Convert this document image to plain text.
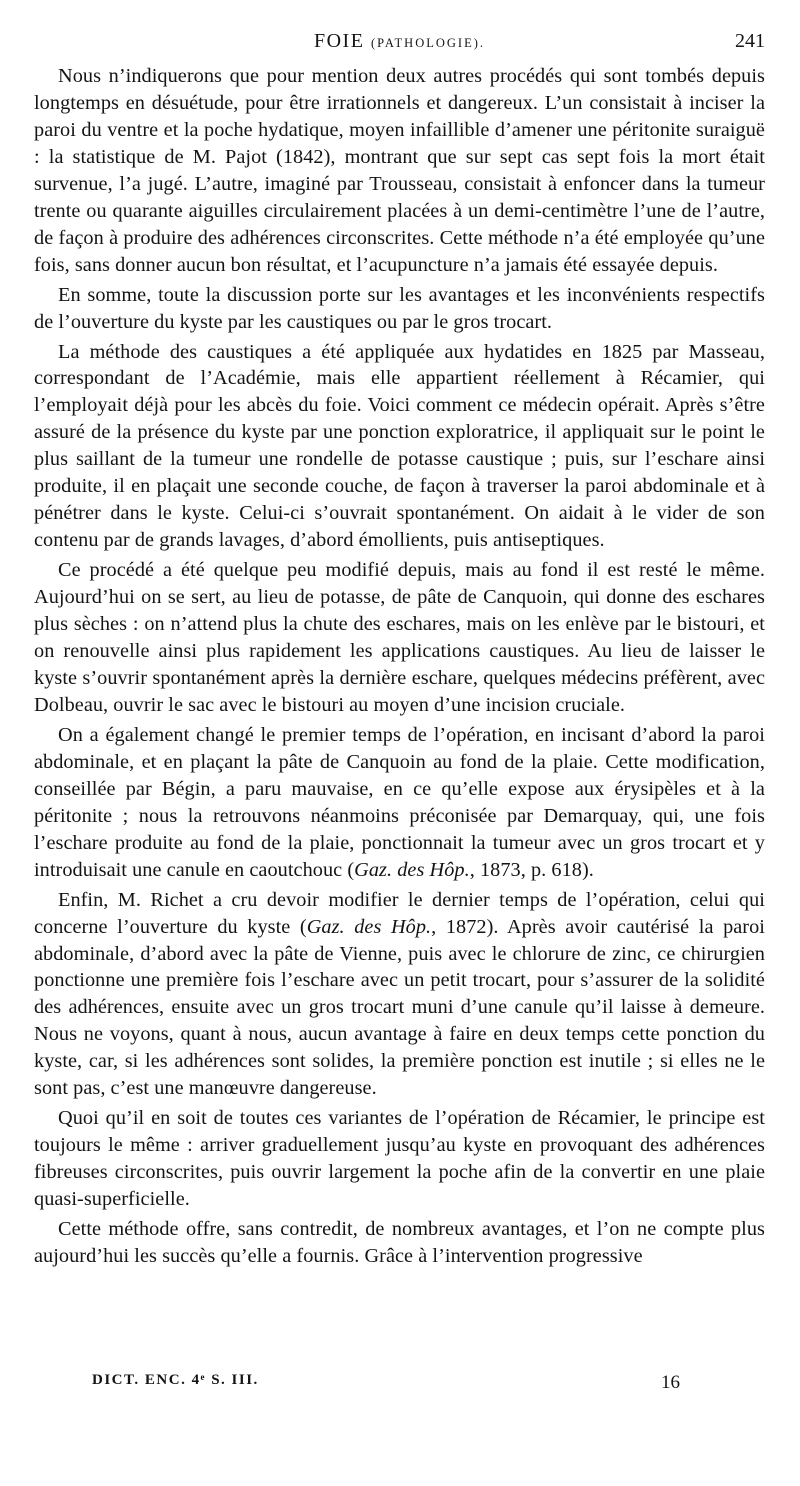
FOIE (PATHOLOGIE).	241

Nous n’indiquerons que pour mention deux autres procédés qui sont tombés depuis longtemps en désuétude, pour être irrationnels et dangereux. L’un consistait à inciser la paroi du ventre et la poche hydatique, moyen infaillible d’amener une péritonite suraiguë : la statistique de M. Pajot (1842), montrant que sur sept cas sept fois la mort était survenue, l’a jugé. L’autre, imaginé par Trousseau, consistait à enfoncer dans la tumeur trente ou quarante aiguilles circulairement placées à un demi-centimètre l’une de l’autre, de façon à produire des adhérences circonscrites. Cette méthode n’a été employée qu’une fois, sans donner aucun bon résultat, et l’acupuncture n’a jamais été essayée depuis.

En somme, toute la discussion porte sur les avantages et les inconvénients respectifs de l’ouverture du kyste par les caustiques ou par le gros trocart.

La méthode des caustiques a été appliquée aux hydatides en 1825 par Masseau, correspondant de l’Académie, mais elle appartient réellement à Récamier, qui l’employait déjà pour les abcès du foie. Voici comment ce médecin opérait. Après s’être assuré de la présence du kyste par une ponction exploratrice, il appliquait sur le point le plus saillant de la tumeur une rondelle de potasse caustique ; puis, sur l’eschare ainsi produite, il en plaçait une seconde couche, de façon à traverser la paroi abdominale et à pénétrer dans le kyste. Celui-ci s’ouvrait spontanément. On aidait à le vider de son contenu par de grands lavages, d’abord émollients, puis antiseptiques.

Ce procédé a été quelque peu modifié depuis, mais au fond il est resté le même. Aujourd’hui on se sert, au lieu de potasse, de pâte de Canquoin, qui donne des eschares plus sèches : on n’attend plus la chute des eschares, mais on les enlève par le bistouri, et on renouvelle ainsi plus rapidement les applications caustiques. Au lieu de laisser le kyste s’ouvrir spontanément après la dernière eschare, quelques médecins préfèrent, avec Dolbeau, ouvrir le sac avec le bistouri au moyen d’une incision cruciale.

On a également changé le premier temps de l’opération, en incisant d’abord la paroi abdominale, et en plaçant la pâte de Canquoin au fond de la plaie. Cette modification, conseillée par Bégin, a paru mauvaise, en ce qu’elle expose aux érysipèles et à la péritonite ; nous la retrouvons néanmoins préconisée par Demarquay, qui, une fois l’eschare produite au fond de la plaie, ponctionnait la tumeur avec un gros trocart et y introduisait une canule en caoutchouc (Gaz. des Hôp., 1873, p. 618).

Enfin, M. Richet a cru devoir modifier le dernier temps de l’opération, celui qui concerne l’ouverture du kyste (Gaz. des Hôp., 1872). Après avoir cautérisé la paroi abdominale, d’abord avec la pâte de Vienne, puis avec le chlorure de zinc, ce chirurgien ponctionne une première fois l’eschare avec un petit trocart, pour s’assurer de la solidité des adhérences, ensuite avec un gros trocart muni d’une canule qu’il laisse à demeure. Nous ne voyons, quant à nous, aucun avantage à faire en deux temps cette ponction du kyste, car, si les adhérences sont solides, la première ponction est inutile ; si elles ne le sont pas, c’est une manœuvre dangereuse.

Quoi qu’il en soit de toutes ces variantes de l’opération de Récamier, le principe est toujours le même : arriver graduellement jusqu’au kyste en provoquant des adhérences fibreuses circonscrites, puis ouvrir largement la poche afin de la convertir en une plaie quasi-superficielle.

Cette méthode offre, sans contredit, de nombreux avantages, et l’on ne compte plus aujourd’hui les succès qu’elle a fournis. Grâce à l’intervention progressive

DICT. ENC. 4ᵉ S. III.	16
